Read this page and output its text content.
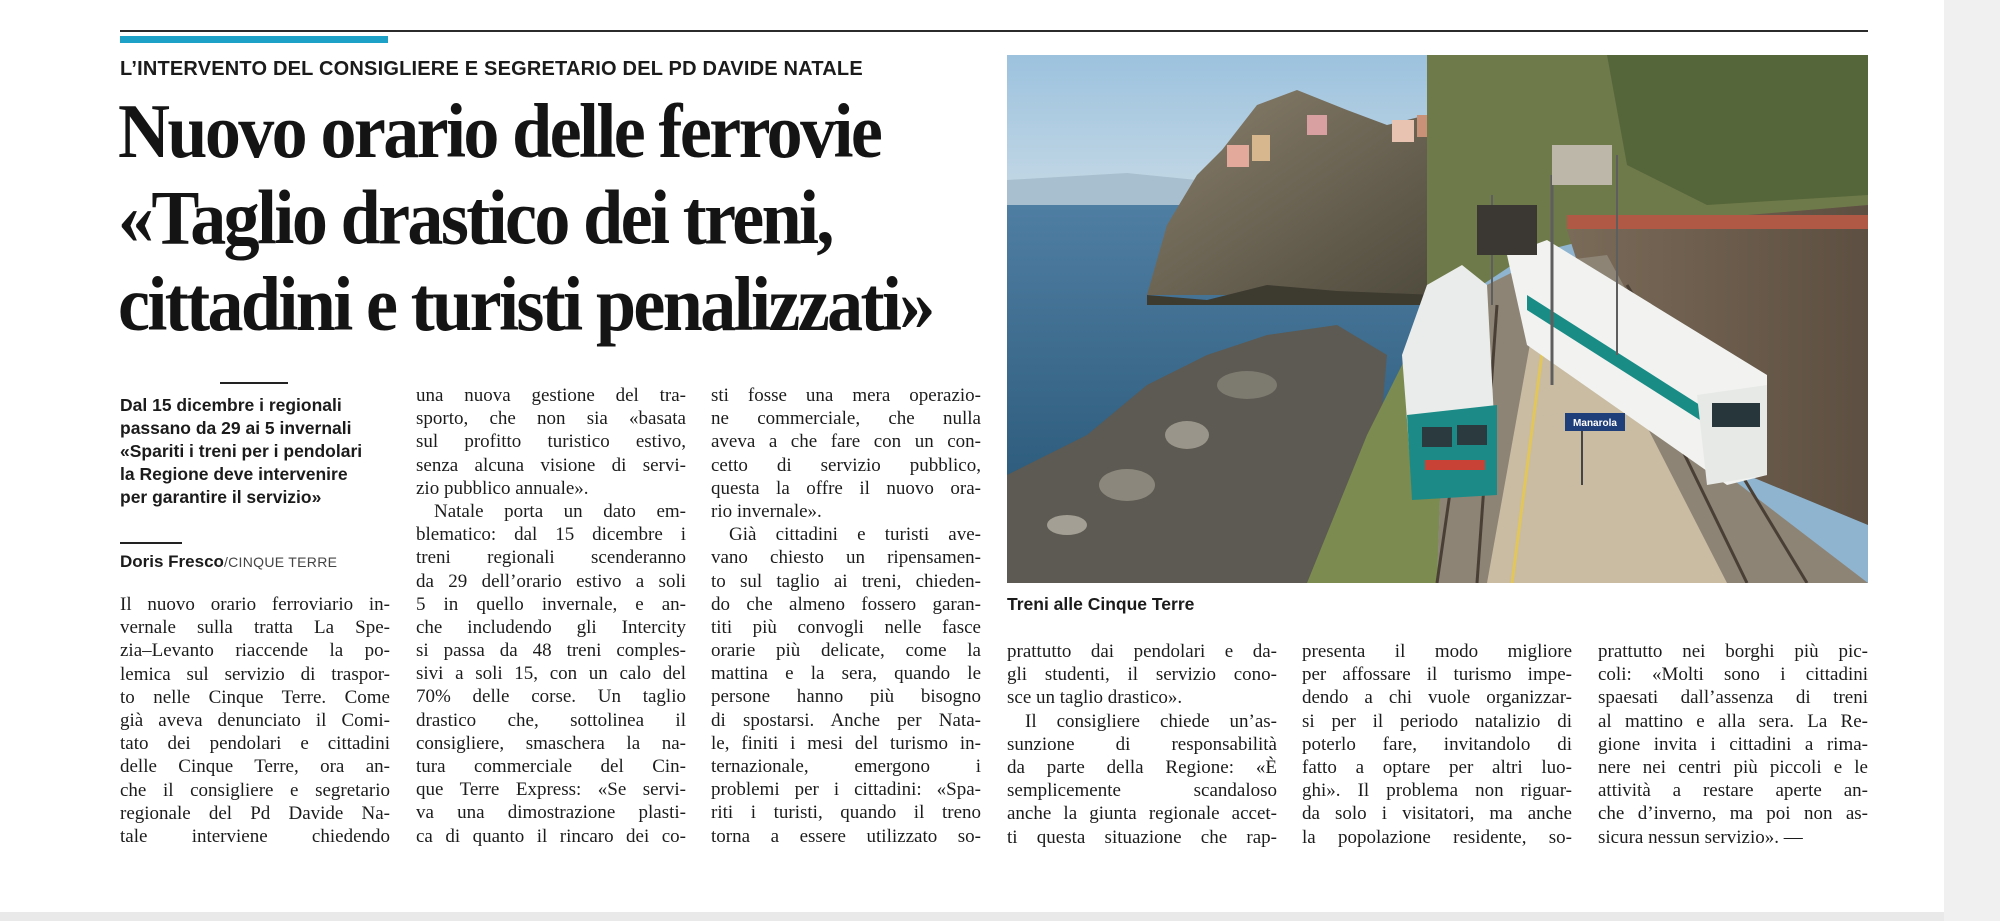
L’INTERVENTO DEL CONSIGLIERE E SEGRETARIO DEL PD DAVIDE NATALE
Nuovo orario delle ferrovie
«Taglio drastico dei treni,
cittadini e turisti penalizzati»
Dal 15 dicembre i regionali
passano da 29 ai 5 invernali
«Spariti i treni per i pendolari
la Regione deve intervenire
per garantire il servizio»
Doris Fresco/CINQUE TERRE
Il nuovo orario ferroviario in-
vernale sulla tratta La Spe-
zia–Levanto riaccende la po-
lemica sul servizio di traspor-
to nelle Cinque Terre. Come
già aveva denunciato il Comi-
tato dei pendolari e cittadini
delle Cinque Terre, ora an-
che il consigliere e segretario
regionale del Pd Davide Na-
tale interviene chiedendo
una nuova gestione del tra-
sporto, che non sia «basata
sul profitto turistico estivo,
senza alcuna visione di servi-
zio pubblico annuale».
Natale porta un dato em-
blematico: dal 15 dicembre i
treni regionali scenderanno
da 29 dell’orario estivo a soli
5 in quello invernale, e an-
che includendo gli Intercity
si passa da 48 treni comples-
sivi a soli 15, con un calo del
70% delle corse. Un taglio
drastico che, sottolinea il
consigliere, smaschera la na-
tura commerciale del Cin-
que Terre Express: «Se servi-
va una dimostrazione plasti-
ca di quanto il rincaro dei co-
sti fosse una mera operazio-
ne commerciale, che nulla
aveva a che fare con un con-
cetto di servizio pubblico,
questa la offre il nuovo ora-
rio invernale».
Già cittadini e turisti ave-
vano chiesto un ripensamen-
to sul taglio ai treni, chieden-
do che almeno fossero garan-
titi più convogli nelle fasce
orarie più delicate, come la
mattina e la sera, quando le
persone hanno più bisogno
di spostarsi. Anche per Nata-
le, finiti i mesi del turismo in-
ternazionale, emergono i
problemi per i cittadini: «Spa-
riti i turisti, quando il treno
torna a essere utilizzato so-
prattutto dai pendolari e da-
gli studenti, il servizio cono-
sce un taglio drastico».
Il consigliere chiede un’as-
sunzione di responsabilità
da parte della Regione: «È
semplicemente scandaloso
anche la giunta regionale accet-
ti questa situazione che rap-
presenta il modo migliore
per affossare il turismo impe-
dendo a chi vuole organizzar-
si per il periodo natalizio di
poterlo fare, invitandolo di
fatto a optare per altri luo-
ghi». Il problema non riguar-
da solo i visitatori, ma anche
la popolazione residente, so-
prattutto nei borghi più pic-
coli: «Molti sono i cittadini
spaesati dall’assenza di treni
al mattino e alla sera. La Re-
gione invita i cittadini a rima-
nere nei centri più piccoli e le
attività a restare aperte an-
che d’inverno, ma poi non as-
sicura nessun servizio». —
Manarola
Treni alle Cinque Terre
